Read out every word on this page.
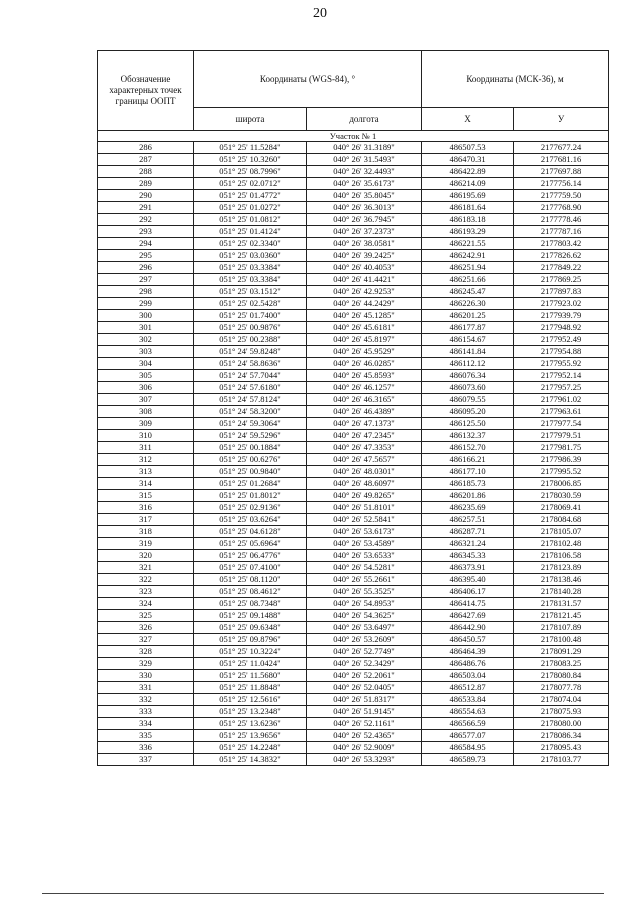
20
Обозначение характерных точек границы ООПТ	Координаты (WGS-84), °		Координаты (МСК-36), м	
	широта	долгота	X	У
Участок № 1				
286	051° 25' 11.5284"	040° 26' 31.3189"	486507.53	2177677.24
287	051° 25' 10.3260"	040° 26' 31.5493"	486470.31	2177681.16
288	051° 25' 08.7996"	040° 26' 32.4493"	486422.89	2177697.88
289	051° 25' 02.0712"	040° 26' 35.6173"	486214.09	2177756.14
290	051° 25' 01.4772"	040° 26' 35.8045"	486195.69	2177759.50
291	051° 25' 01.0272"	040° 26' 36.3013"	486181.64	2177768.90
292	051° 25' 01.0812"	040° 26' 36.7945"	486183.18	2177778.46
293	051° 25' 01.4124"	040° 26' 37.2373"	486193.29	2177787.16
294	051° 25' 02.3340"	040° 26' 38.0581"	486221.55	2177803.42
295	051° 25' 03.0360"	040° 26' 39.2425"	486242.91	2177826.62
296	051° 25' 03.3384"	040° 26' 40.4053"	486251.94	2177849.22
297	051° 25' 03.3384"	040° 26' 41.4421"	486251.66	2177869.25
298	051° 25' 03.1512"	040° 26' 42.9253"	486245.47	2177897.83
299	051° 25' 02.5428"	040° 26' 44.2429"	486226.30	2177923.02
300	051° 25' 01.7400"	040° 26' 45.1285"	486201.25	2177939.79
301	051° 25' 00.9876"	040° 26' 45.6181"	486177.87	2177948.92
302	051° 25' 00.2388"	040° 26' 45.8197"	486154.67	2177952.49
303	051° 24' 59.8248"	040° 26' 45.9529"	486141.84	2177954.88
304	051° 24' 58.8636"	040° 26' 46.0285"	486112.12	2177955.92
305	051° 24' 57.7044"	040° 26' 45.8593"	486076.34	2177952.14
306	051° 24' 57.6180"	040° 26' 46.1257"	486073.60	2177957.25
307	051° 24' 57.8124"	040° 26' 46.3165"	486079.55	2177961.02
308	051° 24' 58.3200"	040° 26' 46.4389"	486095.20	2177963.61
309	051° 24' 59.3064"	040° 26' 47.1373"	486125.50	2177977.54
310	051° 24' 59.5296"	040° 26' 47.2345"	486132.37	2177979.51
311	051° 25' 00.1884"	040° 26' 47.3353"	486152.70	2177981.75
312	051° 25' 00.6276"	040° 26' 47.5657"	486166.21	2177986.39
313	051° 25' 00.9840"	040° 26' 48.0301"	486177.10	2177995.52
314	051° 25' 01.2684"	040° 26' 48.6097"	486185.73	2178006.85
315	051° 25' 01.8012"	040° 26' 49.8265"	486201.86	2178030.59
316	051° 25' 02.9136"	040° 26' 51.8101"	486235.69	2178069.41
317	051° 25' 03.6264"	040° 26' 52.5841"	486257.51	2178084.68
318	051° 25' 04.6128"	040° 26' 53.6173"	486287.71	2178105.07
319	051° 25' 05.6964"	040° 26' 53.4589"	486321.24	2178102.48
320	051° 25' 06.4776"	040° 26' 53.6533"	486345.33	2178106.58
321	051° 25' 07.4100"	040° 26' 54.5281"	486373.91	2178123.89
322	051° 25' 08.1120"	040° 26' 55.2661"	486395.40	2178138.46
323	051° 25' 08.4612"	040° 26' 55.3525"	486406.17	2178140.28
324	051° 25' 08.7348"	040° 26' 54.8953"	486414.75	2178131.57
325	051° 25' 09.1488"	040° 26' 54.3625"	486427.69	2178121.45
326	051° 25' 09.6348"	040° 26' 53.6497"	486442.90	2178107.89
327	051° 25' 09.8796"	040° 26' 53.2609"	486450.57	2178100.48
328	051° 25' 10.3224"	040° 26' 52.7749"	486464.39	2178091.29
329	051° 25' 11.0424"	040° 26' 52.3429"	486486.76	2178083.25
330	051° 25' 11.5680"	040° 26' 52.2061"	486503.04	2178080.84
331	051° 25' 11.8848"	040° 26' 52.0405"	486512.87	2178077.78
332	051° 25' 12.5616"	040° 26' 51.8317"	486533.84	2178074.04
333	051° 25' 13.2348"	040° 26' 51.9145"	486554.63	2178075.93
334	051° 25' 13.6236"	040° 26' 52.1161"	486566.59	2178080.00
335	051° 25' 13.9656"	040° 26' 52.4365"	486577.07	2178086.34
336	051° 25' 14.2248"	040° 26' 52.9009"	486584.95	2178095.43
337	051° 25' 14.3832"	040° 26' 53.3293"	486589.73	2178103.77
